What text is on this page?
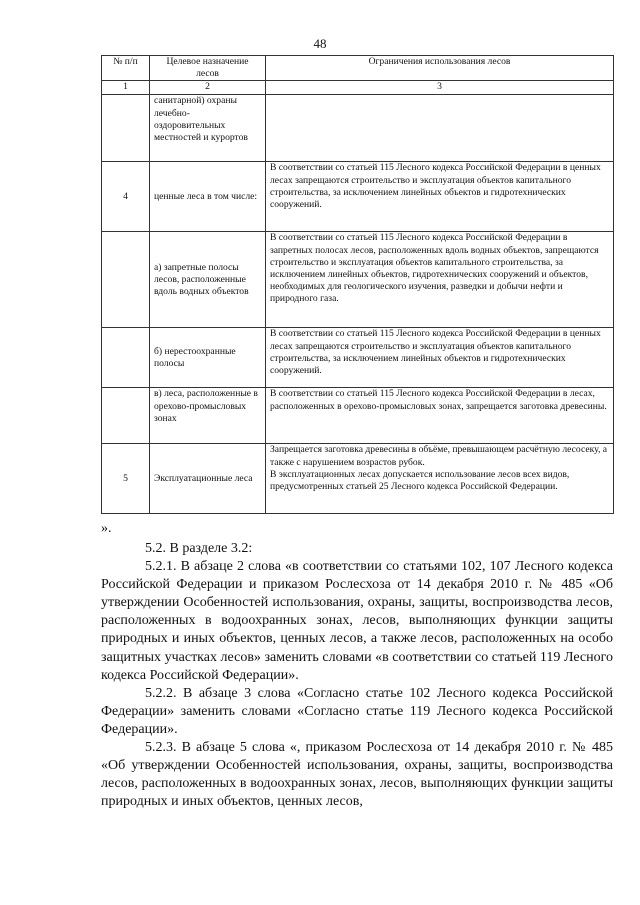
48
№ п/п	Целевое назначение лесов	Ограничения использования лесов
1	2	3
	санитарной) охраны лечебно-оздоровительных местностей и курортов	
4	ценные леса в том числе:	В соответствии со статьей 115 Лесного кодекса Российской Федерации в ценных лесах запрещаются строительство и эксплуатация объектов капитального строительства, за исключением линейных объектов и гидротехнических сооружений.
	а) запретные полосы лесов, расположенные вдоль водных объектов	В соответствии со статьей 115 Лесного кодекса Российской Федерации в запретных полосах лесов, расположенных вдоль водных объектов, запрещаются строительство и эксплуатация объектов капитального строительства, за исключением линейных объектов, гидротехнических сооружений и объектов, необходимых для геологического изучения, разведки и добычи нефти и природного газа.
	б) нерестоохранные полосы	В соответствии со статьей 115 Лесного кодекса Российской Федерации в ценных лесах запрещаются строительство и эксплуатация объектов капитального строительства, за исключением линейных объектов и гидротехнических сооружений.
	в) леса, расположенные в орехово-промысловых зонах	В соответствии со статьей 115 Лесного кодекса Российской Федерации в лесах, расположенных в орехово-промысловых зонах, запрещается заготовка древесины.
5	Эксплуатационные леса	Запрещается заготовка древесины в объёме, превышающем расчётную лесосеку, а также с нарушением возрастов рубок.
В эксплуатационных лесах допускается использование лесов всех видов, предусмотренных статьей 25 Лесного кодекса Российской Федерации.
».

5.2. В разделе 3.2:

5.2.1. В абзаце 2 слова «в соответствии со статьями 102, 107 Лесного кодекса Российской Федерации и приказом Рослесхоза от 14 декабря 2010 г. № 485 «Об утверждении Особенностей использования, охраны, защиты, воспроизводства лесов, расположенных в водоохранных зонах, лесов, выполняющих функции защиты природных и иных объектов, ценных лесов, а также лесов, расположенных на особо защитных участках лесов» заменить словами «в соответствии со статьей 119 Лесного кодекса Российской Федерации».

5.2.2. В абзаце 3 слова «Согласно статье 102 Лесного кодекса Российской Федерации» заменить словами «Согласно статье 119 Лесного кодекса Российской Федерации».

5.2.3. В абзаце 5 слова «, приказом Рослесхоза от 14 декабря 2010 г. № 485 «Об утверждении Особенностей использования, охраны, защиты, воспроизводства лесов, расположенных в водоохранных зонах, лесов, выполняющих функции защиты природных и иных объектов, ценных лесов,
